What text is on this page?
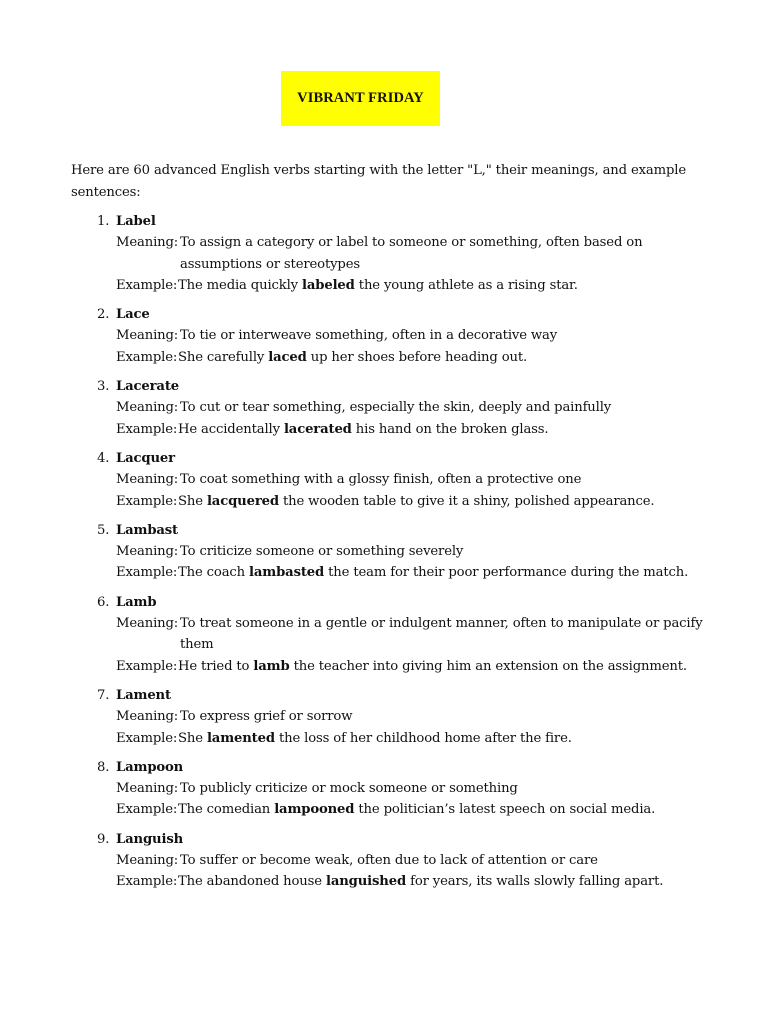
VIBRANT FRIDAY
Here are 60 advanced English verbs starting with the letter "L," their meanings, and example sentences:
1. Label
Meaning: To assign a category or label to someone or something, often based on assumptions or stereotypes
Example: The media quickly labeled the young athlete as a rising star.
2. Lace
Meaning: To tie or interweave something, often in a decorative way
Example: She carefully laced up her shoes before heading out.
3. Lacerate
Meaning: To cut or tear something, especially the skin, deeply and painfully
Example: He accidentally lacerated his hand on the broken glass.
4. Lacquer
Meaning: To coat something with a glossy finish, often a protective one
Example: She lacquered the wooden table to give it a shiny, polished appearance.
5. Lambast
Meaning: To criticize someone or something severely
Example: The coach lambasted the team for their poor performance during the match.
6. Lamb
Meaning: To treat someone in a gentle or indulgent manner, often to manipulate or pacify them
Example: He tried to lamb the teacher into giving him an extension on the assignment.
7. Lament
Meaning: To express grief or sorrow
Example: She lamented the loss of her childhood home after the fire.
8. Lampoon
Meaning: To publicly criticize or mock someone or something
Example: The comedian lampooned the politician’s latest speech on social media.
9. Languish
Meaning: To suffer or become weak, often due to lack of attention or care
Example: The abandoned house languished for years, its walls slowly falling apart.
